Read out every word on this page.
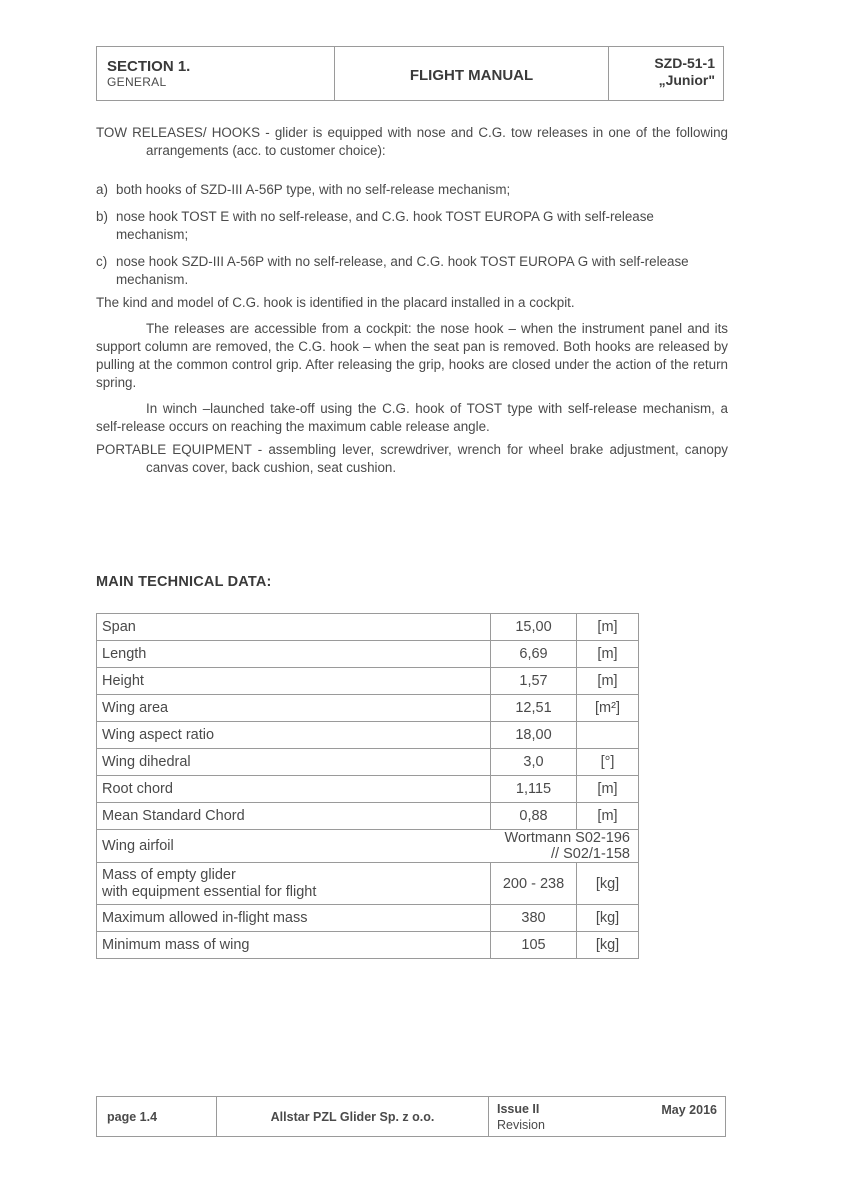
SECTION 1.
GENERAL	FLIGHT MANUAL
SZD-51-1
„Junior"

TOW RELEASES/ HOOKS - glider is equipped with nose and C.G. tow releases in one of the following arrangements (acc. to customer choice):

a) both hooks of SZD-III A-56P type, with no self-release mechanism;

b) nose hook TOST E with no self-release, and C.G. hook TOST EUROPA G with self-release mechanism;

c) nose hook SZD-III A-56P with no self-release, and C.G. hook TOST EUROPA G with self-release mechanism.

The kind and model of C.G. hook is identified in the placard installed in a cockpit.

The releases are accessible from a cockpit: the nose hook – when the instrument panel and its support column are removed, the C.G. hook – when the seat pan is removed. Both hooks are released by pulling at the common control grip. After releasing the grip, hooks are closed under the action of the return spring.

In winch –launched take-off using the C.G. hook of TOST type with self-release mechanism, a self-release occurs on reaching the maximum cable release angle.

PORTABLE EQUIPMENT - assembling lever, screwdriver, wrench for wheel brake adjustment, canopy canvas cover, back cushion, seat cushion.

MAIN TECHNICAL DATA:
Span	15,00	[m]
Length	6,69	[m]
Height	1,57	[m]
Wing area	12,51	[m²]
Wing aspect ratio	18,00	
Wing dihedral	3,0	[°]
Root chord	1,115	[m]
Mean Standard Chord	0,88	[m]
Wing airfoil	Wortmann S02-196 // S02/1-158	

Mass of empty glider
with equipment essential for flight	200 - 238	[kg]
Maximum allowed in-flight mass	380	[kg]
Minimum mass of wing	105	[kg]
page 1.4	Allstar PZL Glider Sp. z o.o.
Issue II
Revision
May 2016
